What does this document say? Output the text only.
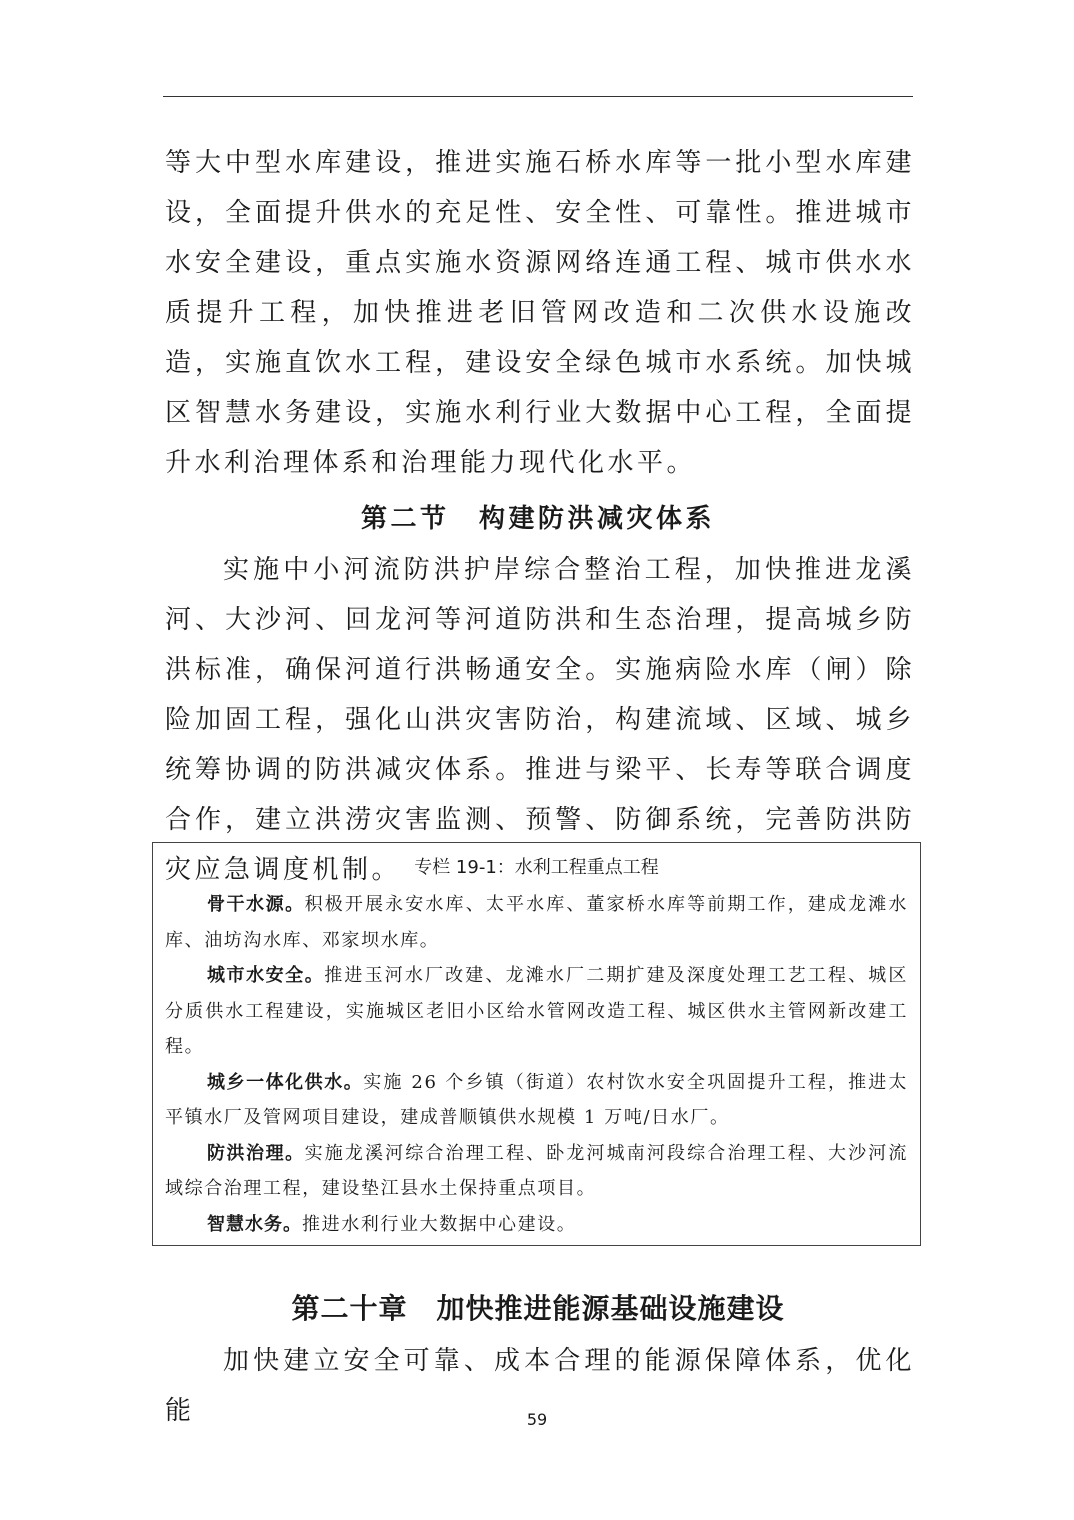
等大中型水库建设，推进实施石桥水库等一批小型水库建设，全面提升供水的充足性、安全性、可靠性。推进城市水安全建设，重点实施水资源网络连通工程、城市供水水质提升工程，加快推进老旧管网改造和二次供水设施改造，实施直饮水工程，建设安全绿色城市水系统。加快城区智慧水务建设，实施水利行业大数据中心工程，全面提升水利治理体系和治理能力现代化水平。

第二节　构建防洪减灾体系

实施中小河流防洪护岸综合整治工程，加快推进龙溪河、大沙河、回龙河等河道防洪和生态治理，提高城乡防洪标准，确保河道行洪畅通安全。实施病险水库（闸）除险加固工程，强化山洪灾害防治，构建流域、区域、城乡统筹协调的防洪减灾体系。推进与梁平、长寿等联合调度合作，建立洪涝灾害监测、预警、防御系统，完善防洪防灾应急调度机制。 专栏 19-1：水利工程重点工程

骨干水源。积极开展永安水库、太平水库、董家桥水库等前期工作，建成龙滩水库、油坊沟水库、邓家坝水库。

城市水安全。推进玉河水厂改建、龙滩水厂二期扩建及深度处理工艺工程、城区分质供水工程建设，实施城区老旧小区给水管网改造工程、城区供水主管网新改建工程。

城乡一体化供水。实施 26 个乡镇（街道）农村饮水安全巩固提升工程，推进太平镇水厂及管网项目建设，建成普顺镇供水规模 1 万吨/日水厂。

防洪治理。实施龙溪河综合治理工程、卧龙河城南河段综合治理工程、大沙河流域综合治理工程，建设垫江县水土保持重点项目。

智慧水务。推进水利行业大数据中心建设。

第二十章　加快推进能源基础设施建设

加快建立安全可靠、成本合理的能源保障体系，优化能	59
